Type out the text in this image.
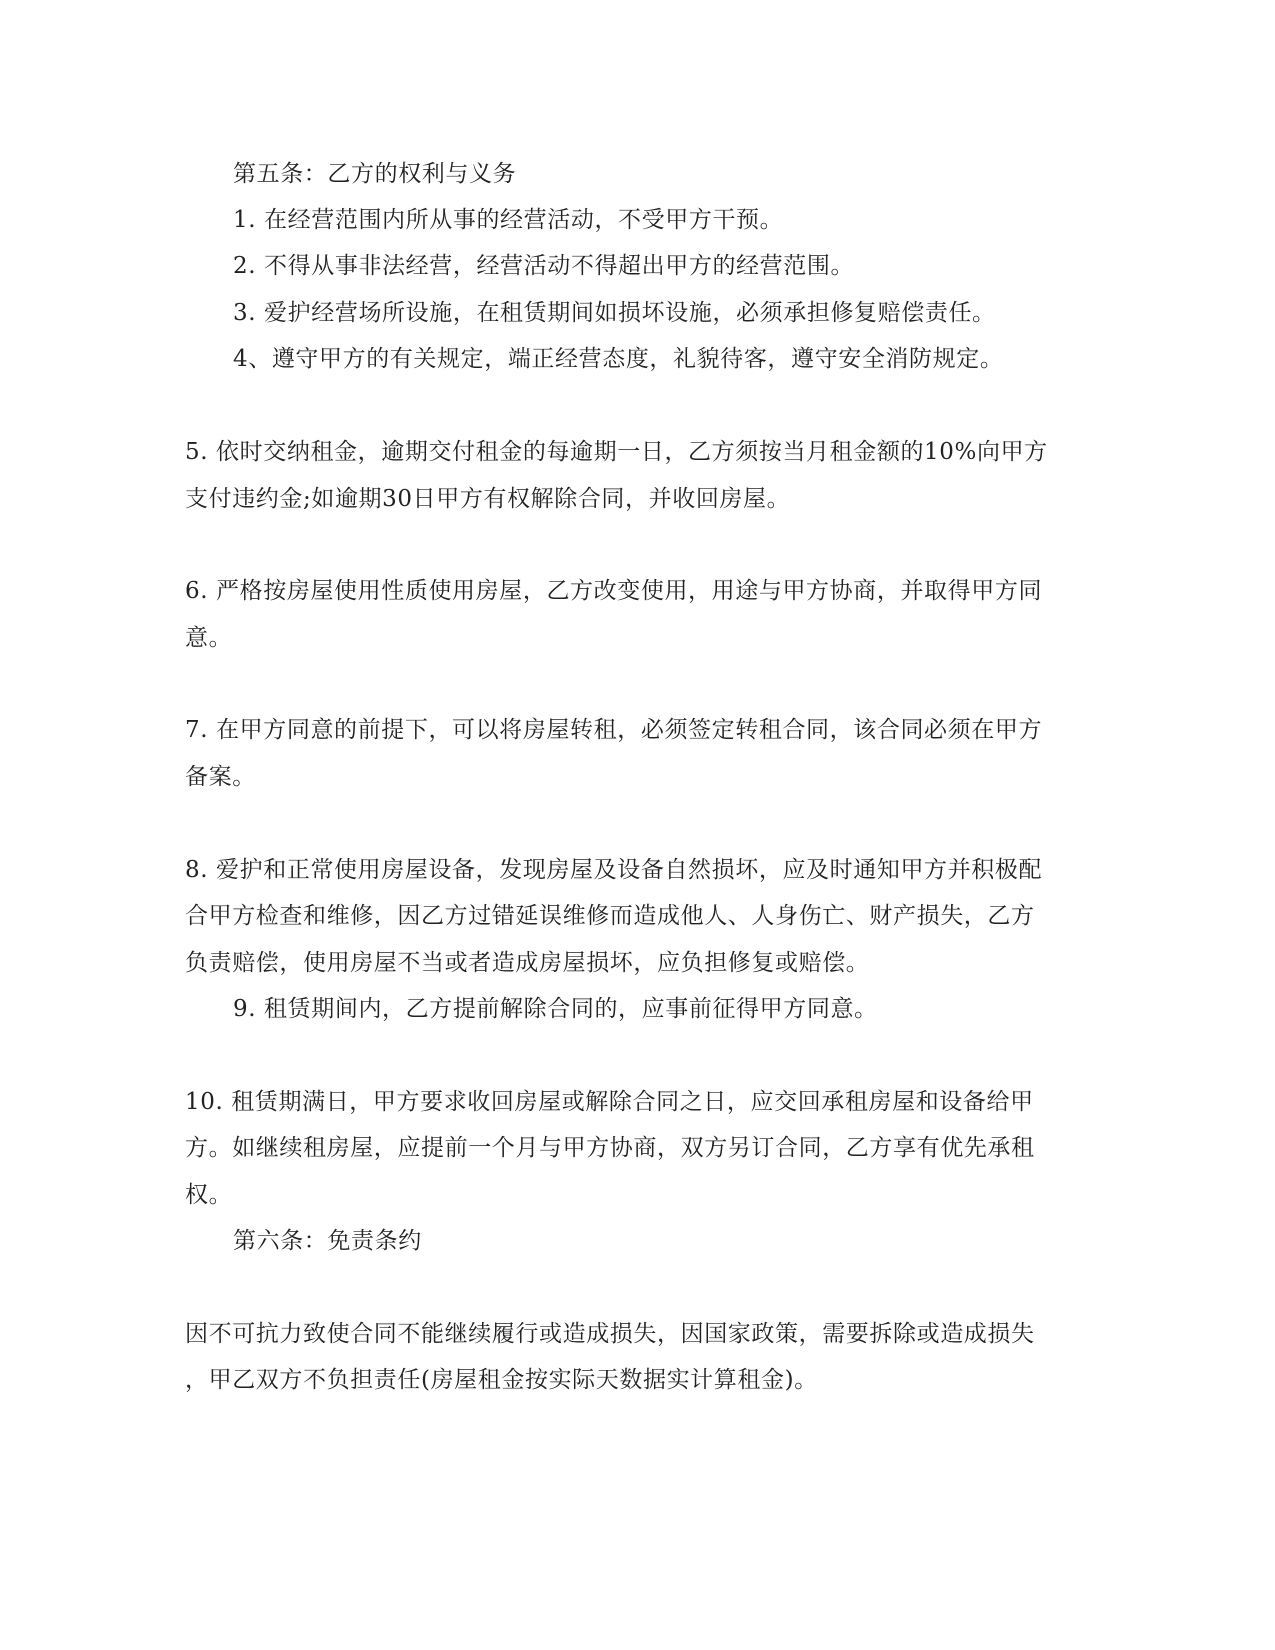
第五条：乙方的权利与义务
1. 在经营范围内所从事的经营活动，不受甲方干预。
2. 不得从事非法经营，经营活动不得超出甲方的经营范围。
3. 爱护经营场所设施，在租赁期间如损坏设施，必须承担修复赔偿责任。
4、遵守甲方的有关规定，端正经营态度，礼貌待客，遵守安全消防规定。
5. 依时交纳租金，逾期交付租金的每逾期一日，乙方须按当月租金额的10%向甲方
支付违约金;如逾期30日甲方有权解除合同，并收回房屋。
6. 严格按房屋使用性质使用房屋，乙方改变使用，用途与甲方协商，并取得甲方同
意。
7. 在甲方同意的前提下，可以将房屋转租，必须签定转租合同，该合同必须在甲方
备案。
8. 爱护和正常使用房屋设备，发现房屋及设备自然损坏，应及时通知甲方并积极配
合甲方检查和维修，因乙方过错延误维修而造成他人、人身伤亡、财产损失，乙方
负责赔偿，使用房屋不当或者造成房屋损坏，应负担修复或赔偿。
9. 租赁期间内，乙方提前解除合同的，应事前征得甲方同意。
10. 租赁期满日，甲方要求收回房屋或解除合同之日，应交回承租房屋和设备给甲
方。如继续租房屋，应提前一个月与甲方协商，双方另订合同，乙方享有优先承租
权。
第六条：免责条约
因不可抗力致使合同不能继续履行或造成损失，因国家政策，需要拆除或造成损失
，甲乙双方不负担责任(房屋租金按实际天数据实计算租金)。
